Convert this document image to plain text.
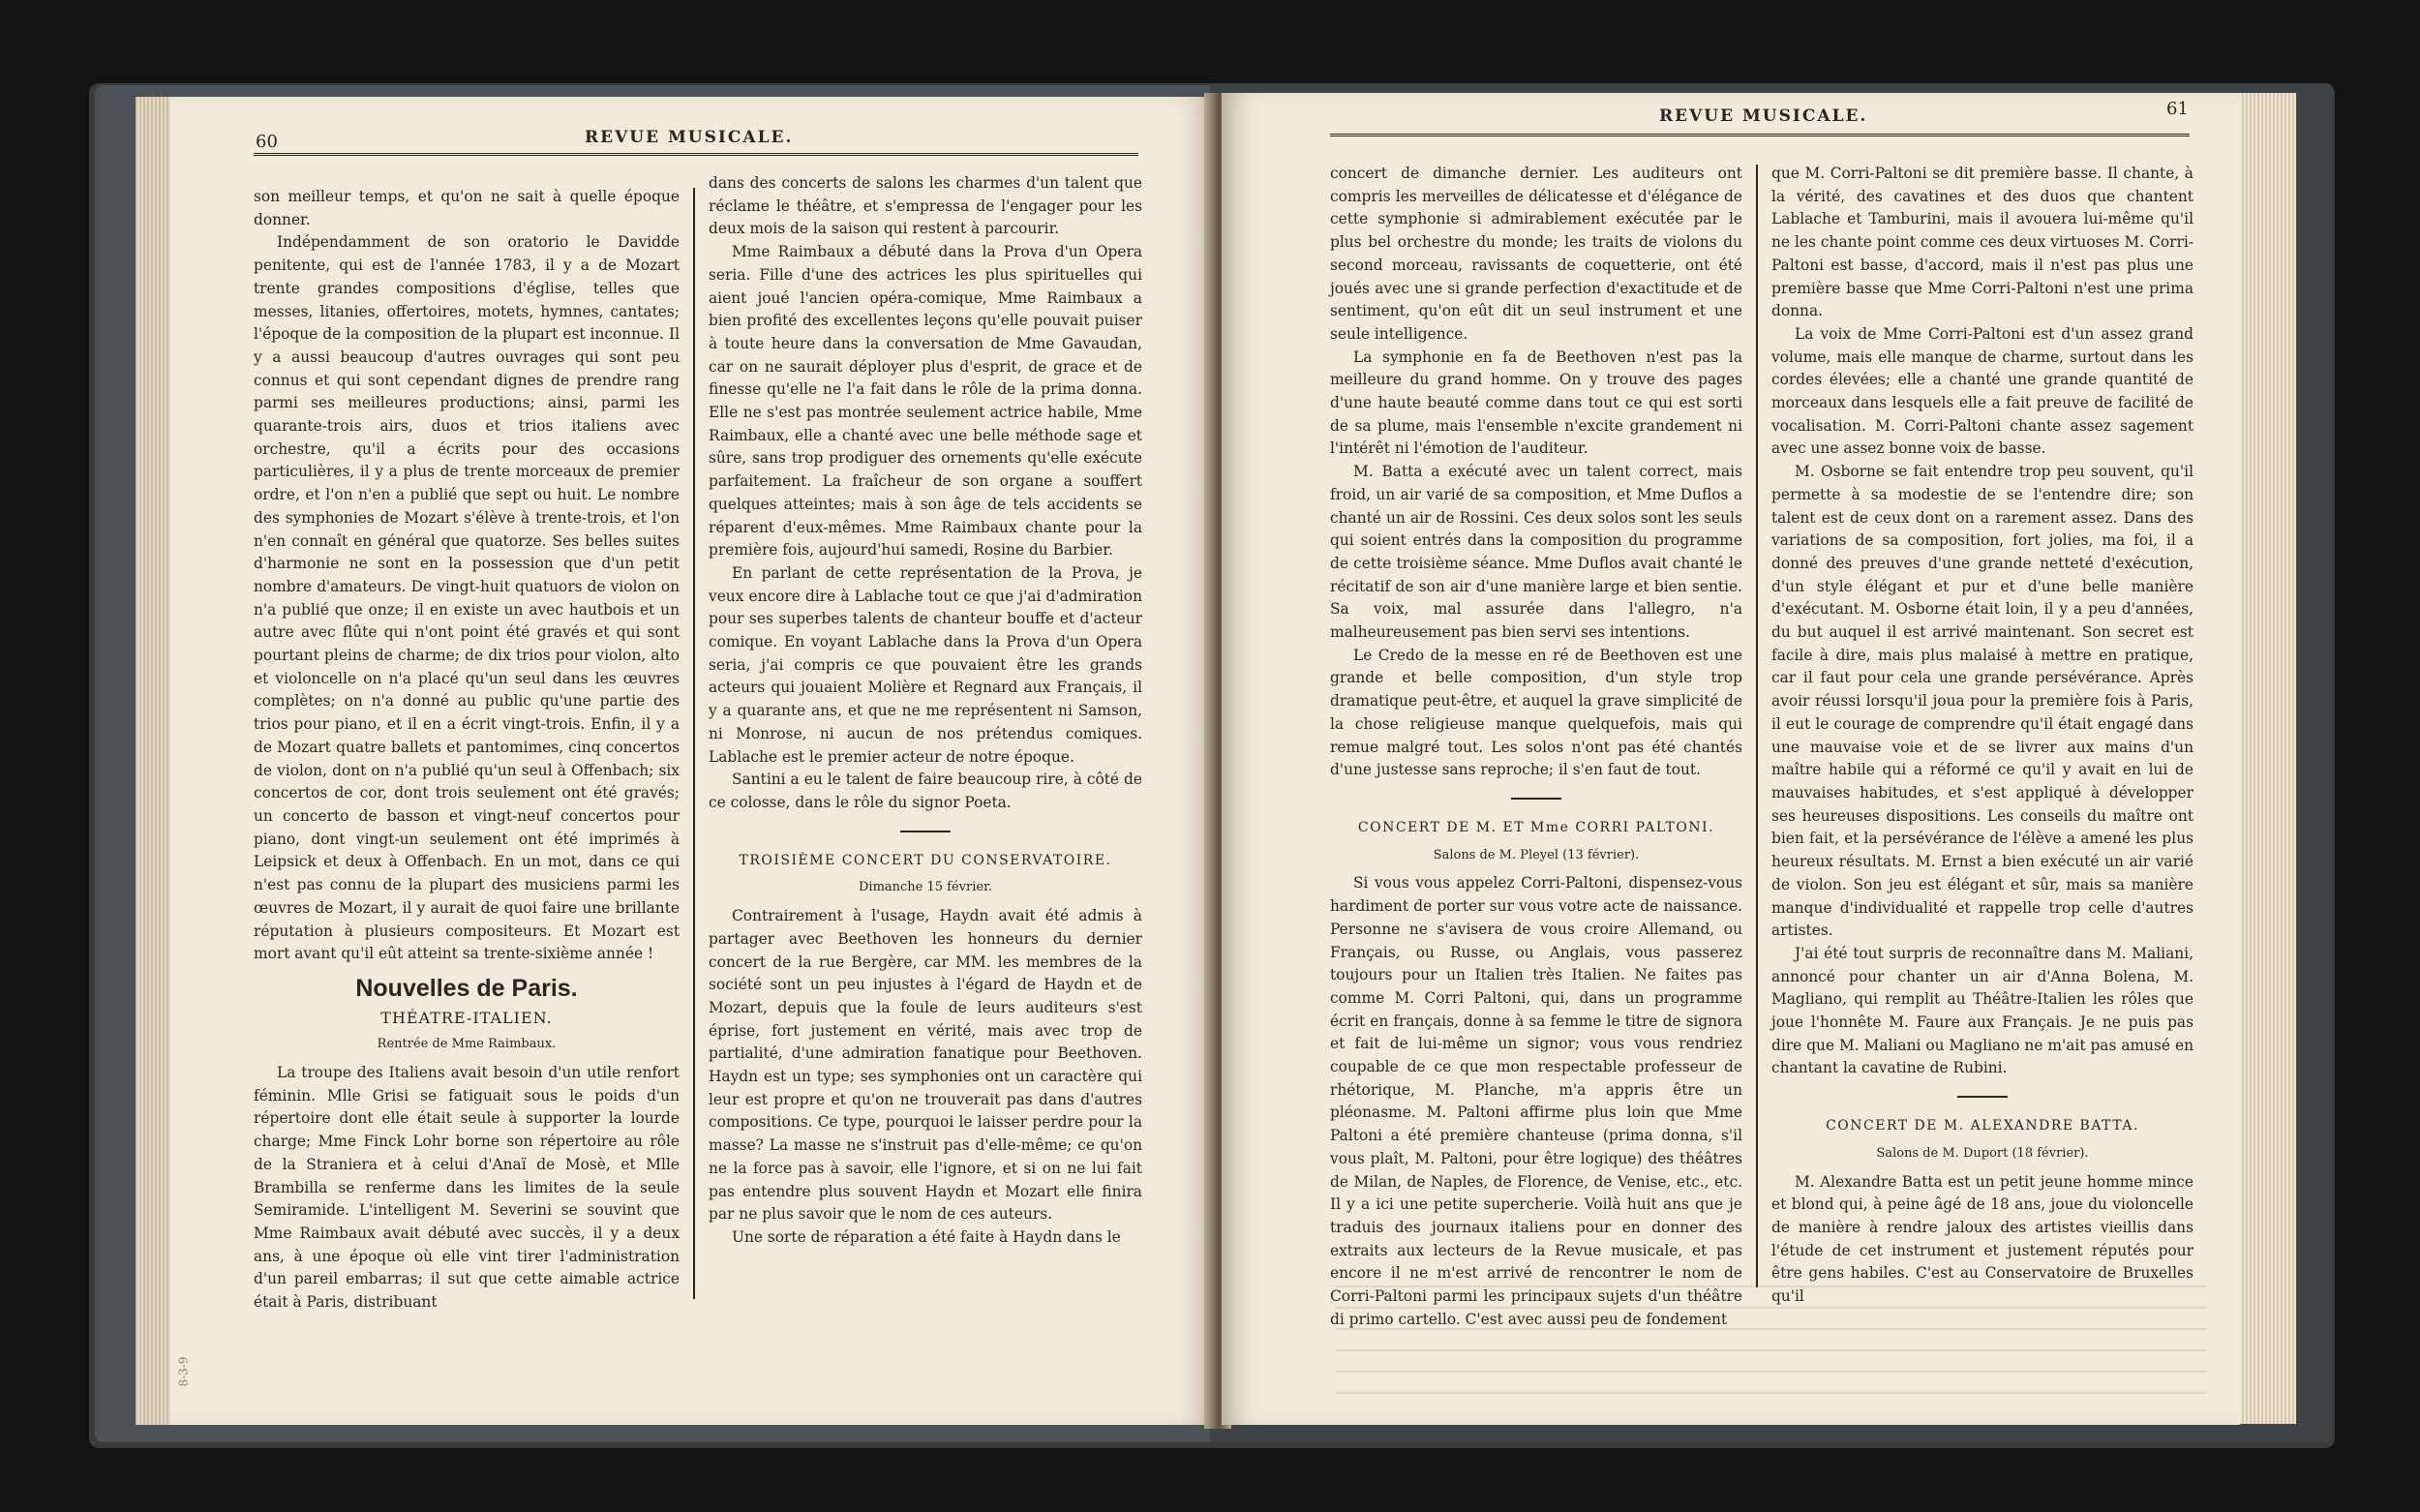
60	REVUE MUSICALE.

son meilleur temps, et qu'on ne sait à quelle époque donner.

Indépendamment de son oratorio le Davidde penitente, qui est de l'année 1783, il y a de Mozart trente grandes compositions d'église, telles que messes, litanies, offertoires, motets, hymnes, cantates; l'époque de la composition de la plupart est inconnue. Il y a aussi beaucoup d'autres ouvrages qui sont peu connus et qui sont cependant dignes de prendre rang parmi ses meilleures productions; ainsi, parmi les quarante-trois airs, duos et trios italiens avec orchestre, qu'il a écrits pour des occasions particulières, il y a plus de trente morceaux de premier ordre, et l'on n'en a publié que sept ou huit. Le nombre des symphonies de Mozart s'élève à trente-trois, et l'on n'en connaît en général que quatorze. Ses belles suites d'harmonie ne sont en la possession que d'un petit nombre d'amateurs. De vingt-huit quatuors de violon on n'a publié que onze; il en existe un avec hautbois et un autre avec flûte qui n'ont point été gravés et qui sont pourtant pleins de charme; de dix trios pour violon, alto et violoncelle on n'a placé qu'un seul dans les œuvres complètes; on n'a donné au public qu'une partie des trios pour piano, et il en a écrit vingt-trois. Enfin, il y a de Mozart quatre ballets et pantomimes, cinq concertos de violon, dont on n'a publié qu'un seul à Offenbach; six concertos de cor, dont trois seulement ont été gravés; un concerto de basson et vingt-neuf concertos pour piano, dont vingt-un seulement ont été imprimés à Leipsick et deux à Offenbach. En un mot, dans ce qui n'est pas connu de la plupart des musiciens parmi les œuvres de Mozart, il y aurait de quoi faire une brillante réputation à plusieurs compositeurs. Et Mozart est mort avant qu'il eût atteint sa trente-sixième année !

Nouvelles de Paris.
THÉATRE-ITALIEN.
Rentrée de Mme Raimbaux.

La troupe des Italiens avait besoin d'un utile renfort féminin. Mlle Grisi se fatiguait sous le poids d'un répertoire dont elle était seule à supporter la lourde charge; Mme Finck Lohr borne son répertoire au rôle de la Straniera et à celui d'Anaï de Mosè, et Mlle Brambilla se renferme dans les limites de la seule Semiramide. L'intelligent M. Severini se souvint que Mme Raimbaux avait débuté avec succès, il y a deux ans, à une époque où elle vint tirer l'administration d'un pareil embarras; il sut que cette aimable actrice était à Paris, distribuant

dans des concerts de salons les charmes d'un talent que réclame le théâtre, et s'empressa de l'engager pour les deux mois de la saison qui restent à parcourir.

Mme Raimbaux a débuté dans la Prova d'un Opera seria. Fille d'une des actrices les plus spirituelles qui aient joué l'ancien opéra-comique, Mme Raimbaux a bien profité des excellentes leçons qu'elle pouvait puiser à toute heure dans la conversation de Mme Gavaudan, car on ne saurait déployer plus d'esprit, de grace et de finesse qu'elle ne l'a fait dans le rôle de la prima donna. Elle ne s'est pas montrée seulement actrice habile, Mme Raimbaux, elle a chanté avec une belle méthode sage et sûre, sans trop prodiguer des ornements qu'elle exécute parfaitement. La fraîcheur de son organe a souffert quelques atteintes; mais à son âge de tels accidents se réparent d'eux-mêmes. Mme Raimbaux chante pour la première fois, aujourd'hui samedi, Rosine du Barbier.

En parlant de cette représentation de la Prova, je veux encore dire à Lablache tout ce que j'ai d'admiration pour ses superbes talents de chanteur bouffe et d'acteur comique. En voyant Lablache dans la Prova d'un Opera seria, j'ai compris ce que pouvaient être les grands acteurs qui jouaient Molière et Regnard aux Français, il y a quarante ans, et que ne me représentent ni Samson, ni Monrose, ni aucun de nos prétendus comiques. Lablache est le premier acteur de notre époque.

Santini a eu le talent de faire beaucoup rire, à côté de ce colosse, dans le rôle du signor Poeta.

TROISIÈME CONCERT DU CONSERVATOIRE.
Dimanche 15 février.

Contrairement à l'usage, Haydn avait été admis à partager avec Beethoven les honneurs du dernier concert de la rue Bergère, car MM. les membres de la société sont un peu injustes à l'égard de Haydn et de Mozart, depuis que la foule de leurs auditeurs s'est éprise, fort justement en vérité, mais avec trop de partialité, d'une admiration fanatique pour Beethoven. Haydn est un type; ses symphonies ont un caractère qui leur est propre et qu'on ne trouverait pas dans d'autres compositions. Ce type, pourquoi le laisser perdre pour la masse? La masse ne s'instruit pas d'elle-même; ce qu'on ne la force pas à savoir, elle l'ignore, et si on ne lui fait pas entendre plus souvent Haydn et Mozart elle finira par ne plus savoir que le nom de ces auteurs.

Une sorte de réparation a été faite à Haydn dans le

8-3-9
REVUE MUSICALE.	61

concert de dimanche dernier. Les auditeurs ont compris les merveilles de délicatesse et d'élégance de cette symphonie si admirablement exécutée par le plus bel orchestre du monde; les traits de violons du second morceau, ravissants de coquetterie, ont été joués avec une si grande perfection d'exactitude et de sentiment, qu'on eût dit un seul instrument et une seule intelligence.

La symphonie en fa de Beethoven n'est pas la meilleure du grand homme. On y trouve des pages d'une haute beauté comme dans tout ce qui est sorti de sa plume, mais l'ensemble n'excite grandement ni l'intérêt ni l'émotion de l'auditeur.

M. Batta a exécuté avec un talent correct, mais froid, un air varié de sa composition, et Mme Duflos a chanté un air de Rossini. Ces deux solos sont les seuls qui soient entrés dans la composition du programme de cette troisième séance. Mme Duflos avait chanté le récitatif de son air d'une manière large et bien sentie. Sa voix, mal assurée dans l'allegro, n'a malheureusement pas bien servi ses intentions.

Le Credo de la messe en ré de Beethoven est une grande et belle composition, d'un style trop dramatique peut-être, et auquel la grave simplicité de la chose religieuse manque quelquefois, mais qui remue malgré tout. Les solos n'ont pas été chantés d'une justesse sans reproche; il s'en faut de tout.

CONCERT DE M. ET Mme CORRI PALTONI.
Salons de M. Pleyel (13 février).

Si vous vous appelez Corri-Paltoni, dispensez-vous hardiment de porter sur vous votre acte de naissance. Personne ne s'avisera de vous croire Allemand, ou Français, ou Russe, ou Anglais, vous passerez toujours pour un Italien très Italien. Ne faites pas comme M. Corri Paltoni, qui, dans un programme écrit en français, donne à sa femme le titre de signora et fait de lui-même un signor; vous vous rendriez coupable de ce que mon respectable professeur de rhétorique, M. Planche, m'a appris être un pléonasme. M. Paltoni affirme plus loin que Mme Paltoni a été première chanteuse (prima donna, s'il vous plaît, M. Paltoni, pour être logique) des théâtres de Milan, de Naples, de Florence, de Venise, etc., etc. Il y a ici une petite supercherie. Voilà huit ans que je traduis des journaux italiens pour en donner des extraits aux lecteurs de la Revue musicale, et pas encore il ne m'est arrivé de rencontrer le nom de Corri-Paltoni parmi les principaux sujets d'un théâtre di primo cartello. C'est avec aussi peu de fondement

que M. Corri-Paltoni se dit première basse. Il chante, à la vérité, des cavatines et des duos que chantent Lablache et Tamburini, mais il avouera lui-même qu'il ne les chante point comme ces deux virtuoses M. Corri-Paltoni est basse, d'accord, mais il n'est pas plus une première basse que Mme Corri-Paltoni n'est une prima donna.

La voix de Mme Corri-Paltoni est d'un assez grand volume, mais elle manque de charme, surtout dans les cordes élevées; elle a chanté une grande quantité de morceaux dans lesquels elle a fait preuve de facilité de vocalisation. M. Corri-Paltoni chante assez sagement avec une assez bonne voix de basse.

M. Osborne se fait entendre trop peu souvent, qu'il permette à sa modestie de se l'entendre dire; son talent est de ceux dont on a rarement assez. Dans des variations de sa composition, fort jolies, ma foi, il a donné des preuves d'une grande netteté d'exécution, d'un style élégant et pur et d'une belle manière d'exécutant. M. Osborne était loin, il y a peu d'années, du but auquel il est arrivé maintenant. Son secret est facile à dire, mais plus malaisé à mettre en pratique, car il faut pour cela une grande persévérance. Après avoir réussi lorsqu'il joua pour la première fois à Paris, il eut le courage de comprendre qu'il était engagé dans une mauvaise voie et de se livrer aux mains d'un maître habile qui a réformé ce qu'il y avait en lui de mauvaises habitudes, et s'est appliqué à développer ses heureuses dispositions. Les conseils du maître ont bien fait, et la persévérance de l'élève a amené les plus heureux résultats. M. Ernst a bien exécuté un air varié de violon. Son jeu est élégant et sûr, mais sa manière manque d'individualité et rappelle trop celle d'autres artistes.

J'ai été tout surpris de reconnaître dans M. Maliani, annoncé pour chanter un air d'Anna Bolena, M. Magliano, qui remplit au Théâtre-Italien les rôles que joue l'honnête M. Faure aux Français. Je ne puis pas dire que M. Maliani ou Magliano ne m'ait pas amusé en chantant la cavatine de Rubini.

CONCERT DE M. ALEXANDRE BATTA.
Salons de M. Duport (18 février).

M. Alexandre Batta est un petit jeune homme mince et blond qui, à peine âgé de 18 ans, joue du violoncelle de manière à rendre jaloux des artistes vieillis dans l'étude de cet instrument et justement réputés pour être gens habiles. C'est au Conservatoire de Bruxelles qu'il
